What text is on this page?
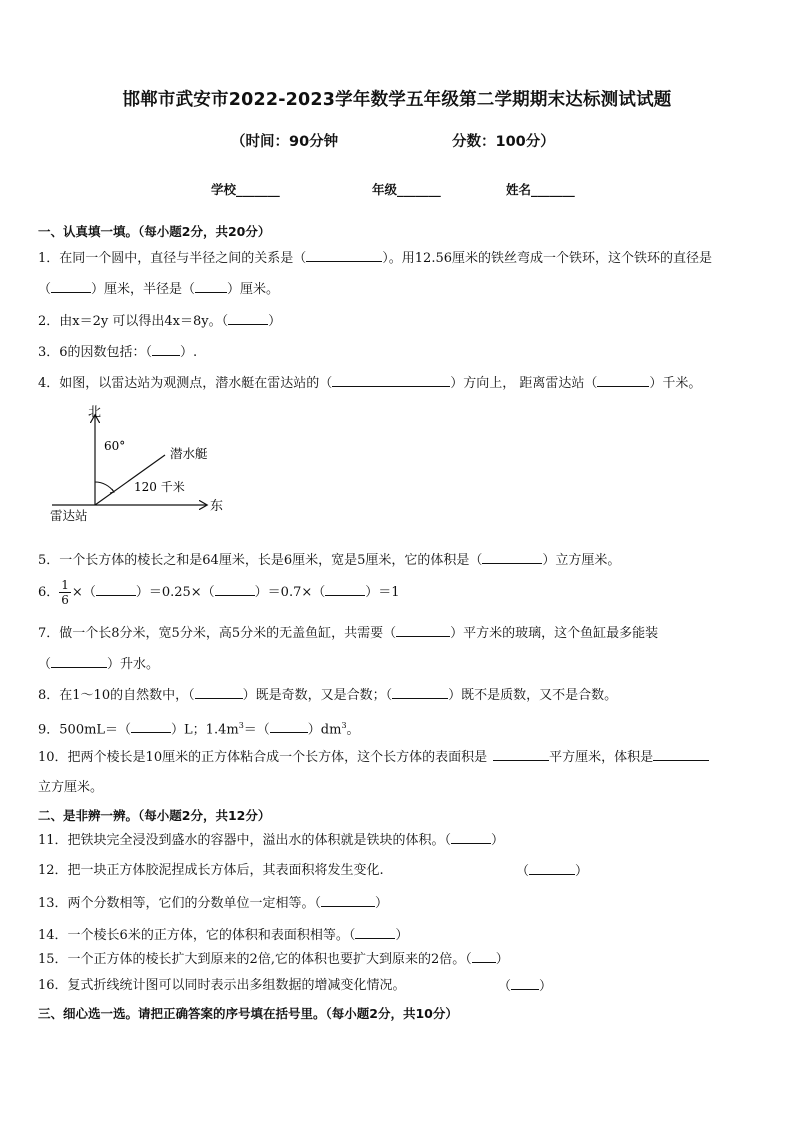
邯郸市武安市2022-2023学年数学五年级第二学期期末达标测试试题
（时间：90分钟	分数：100分）
学校_______	年级_______	姓名_______
一、认真填一填。（每小题2分，共20分）
1．在同一个圆中，直径与半径之间的关系是（	）。用12.56厘米的铁丝弯成一个铁环，这个铁环的直径是
（	）厘米，半径是（ ）厘米。
2．由x＝2y 可以得出4x＝8y。（	）
3．6的因数包括：（ ）.
4．如图，以雷达站为观测点，潜水艇在雷达站的（	）方向上， 距离雷达站（	）千米。
北
东
雷达站
潜水艇
60°
120 千米
5．一个长方体的棱长之和是64厘米，长是6厘米，宽是5厘米，它的体积是（	）立方厘米。
6． $\frac{1}{6}$ ×（	）＝0.25×（	）＝0.7×（	）＝1
7．做一个长8分米，宽5分米，高5分米的无盖鱼缸，共需要（	）平方米的玻璃，这个鱼缸最多能装
（	）升水。
8．在1～10的自然数中，（	）既是奇数，又是合数；（	）既不是质数，又不是合数。
9．500mL＝（	）L；$1.4m^3=$（	）$dm^3$。
10．把两个棱长是10厘米的正方体粘合成一个长方体，这个长方体的表面积是	平方厘米，体积是
立方厘米。
二、是非辨一辨。（每小题2分，共12分）
11．把铁块完全浸没到盛水的容器中，溢出水的体积就是铁块的体积。（	）
12．把一块正方体胶泥捏成长方体后，其表面积将发生变化.	（	）
13．两个分数相等，它们的分数单位一定相等。（	）
14．一个棱长6米的正方体，它的体积和表面积相等。（	）
15．一个正方体的棱长扩大到原来的2倍,它的体积也要扩大到原来的2倍。（ ）
16．复式折线统计图可以同时表示出多组数据的增减变化情况。	（ ）
三、细心选一选。请把正确答案的序号填在括号里。（每小题2分，共10分）
